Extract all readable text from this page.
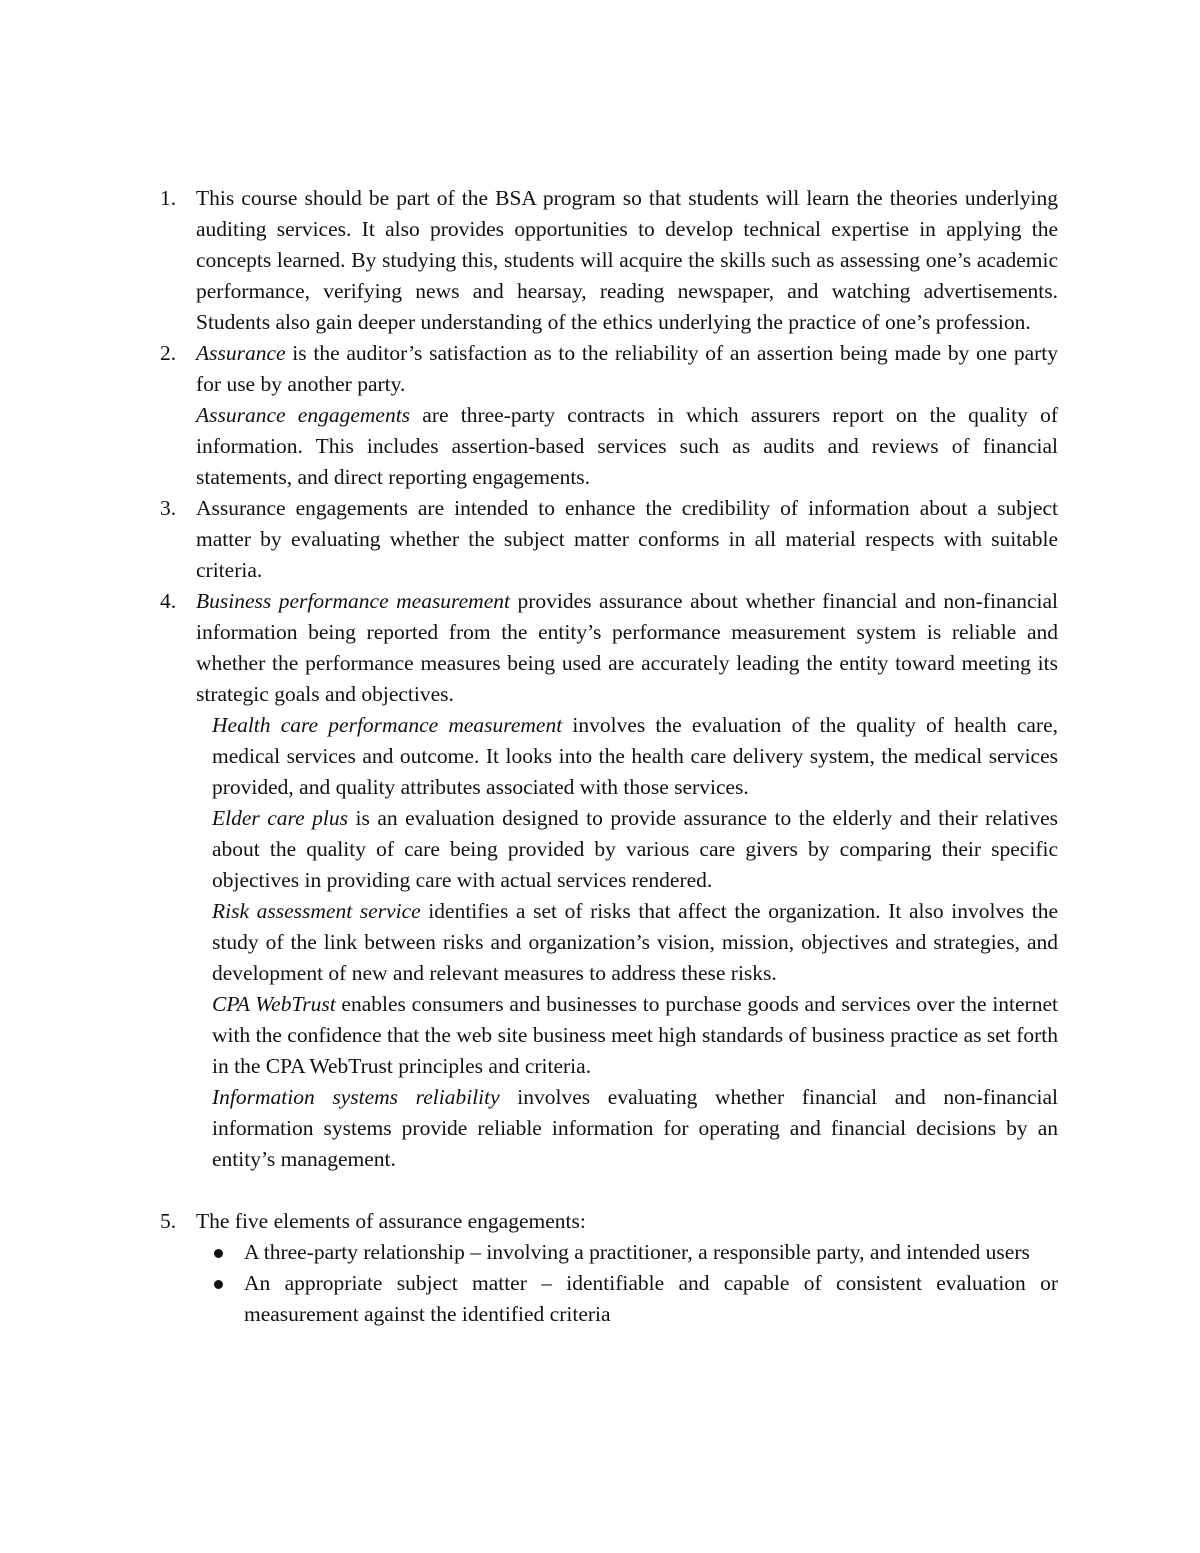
1. This course should be part of the BSA program so that students will learn the theories underlying auditing services. It also provides opportunities to develop technical expertise in applying the concepts learned. By studying this, students will acquire the skills such as assessing one’s academic performance, verifying news and hearsay, reading newspaper, and watching advertisements. Students also gain deeper understanding of the ethics underlying the practice of one’s profession.
2. Assurance is the auditor’s satisfaction as to the reliability of an assertion being made by one party for use by another party.
Assurance engagements are three-party contracts in which assurers report on the quality of information. This includes assertion-based services such as audits and reviews of financial statements, and direct reporting engagements.
3. Assurance engagements are intended to enhance the credibility of information about a subject matter by evaluating whether the subject matter conforms in all material respects with suitable criteria.
4. Business performance measurement provides assurance about whether financial and non-financial information being reported from the entity’s performance measurement system is reliable and whether the performance measures being used are accurately leading the entity toward meeting its strategic goals and objectives.
Health care performance measurement involves the evaluation of the quality of health care, medical services and outcome. It looks into the health care delivery system, the medical services provided, and quality attributes associated with those services.
Elder care plus is an evaluation designed to provide assurance to the elderly and their relatives about the quality of care being provided by various care givers by comparing their specific objectives in providing care with actual services rendered.
Risk assessment service identifies a set of risks that affect the organization. It also involves the study of the link between risks and organization’s vision, mission, objectives and strategies, and development of new and relevant measures to address these risks.
CPA WebTrust enables consumers and businesses to purchase goods and services over the internet with the confidence that the web site business meet high standards of business practice as set forth in the CPA WebTrust principles and criteria.
Information systems reliability involves evaluating whether financial and non-financial information systems provide reliable information for operating and financial decisions by an entity’s management.
5. The five elements of assurance engagements:
A three-party relationship – involving a practitioner, a responsible party, and intended users
An appropriate subject matter – identifiable and capable of consistent evaluation or measurement against the identified criteria
